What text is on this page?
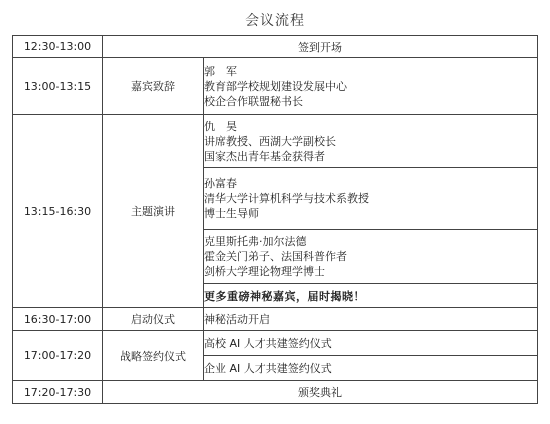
会议流程
12:30-13:00	签到开场	
13:00-13:15	嘉宾致辞	郭　军
教育部学校规划建设发展中心
校企合作联盟秘书长

13:15-16:30	主题演讲	仇　昊
讲席教授、西湖大学副校长
国家杰出青年基金获得者

		孙富春
清华大学计算机科学与技术系教授
博士生导师

		克里斯托弗·加尔法德
霍金关门弟子、法国科普作者
剑桥大学理论物理学博士

		更多重磅神秘嘉宾，届时揭晓！
16:30-17:00	启动仪式	神秘活动开启
17:00-17:20	战略签约仪式	高校 AI 人才共建签约仪式
		企业 AI 人才共建签约仪式
17:20-17:30	颁奖典礼	
